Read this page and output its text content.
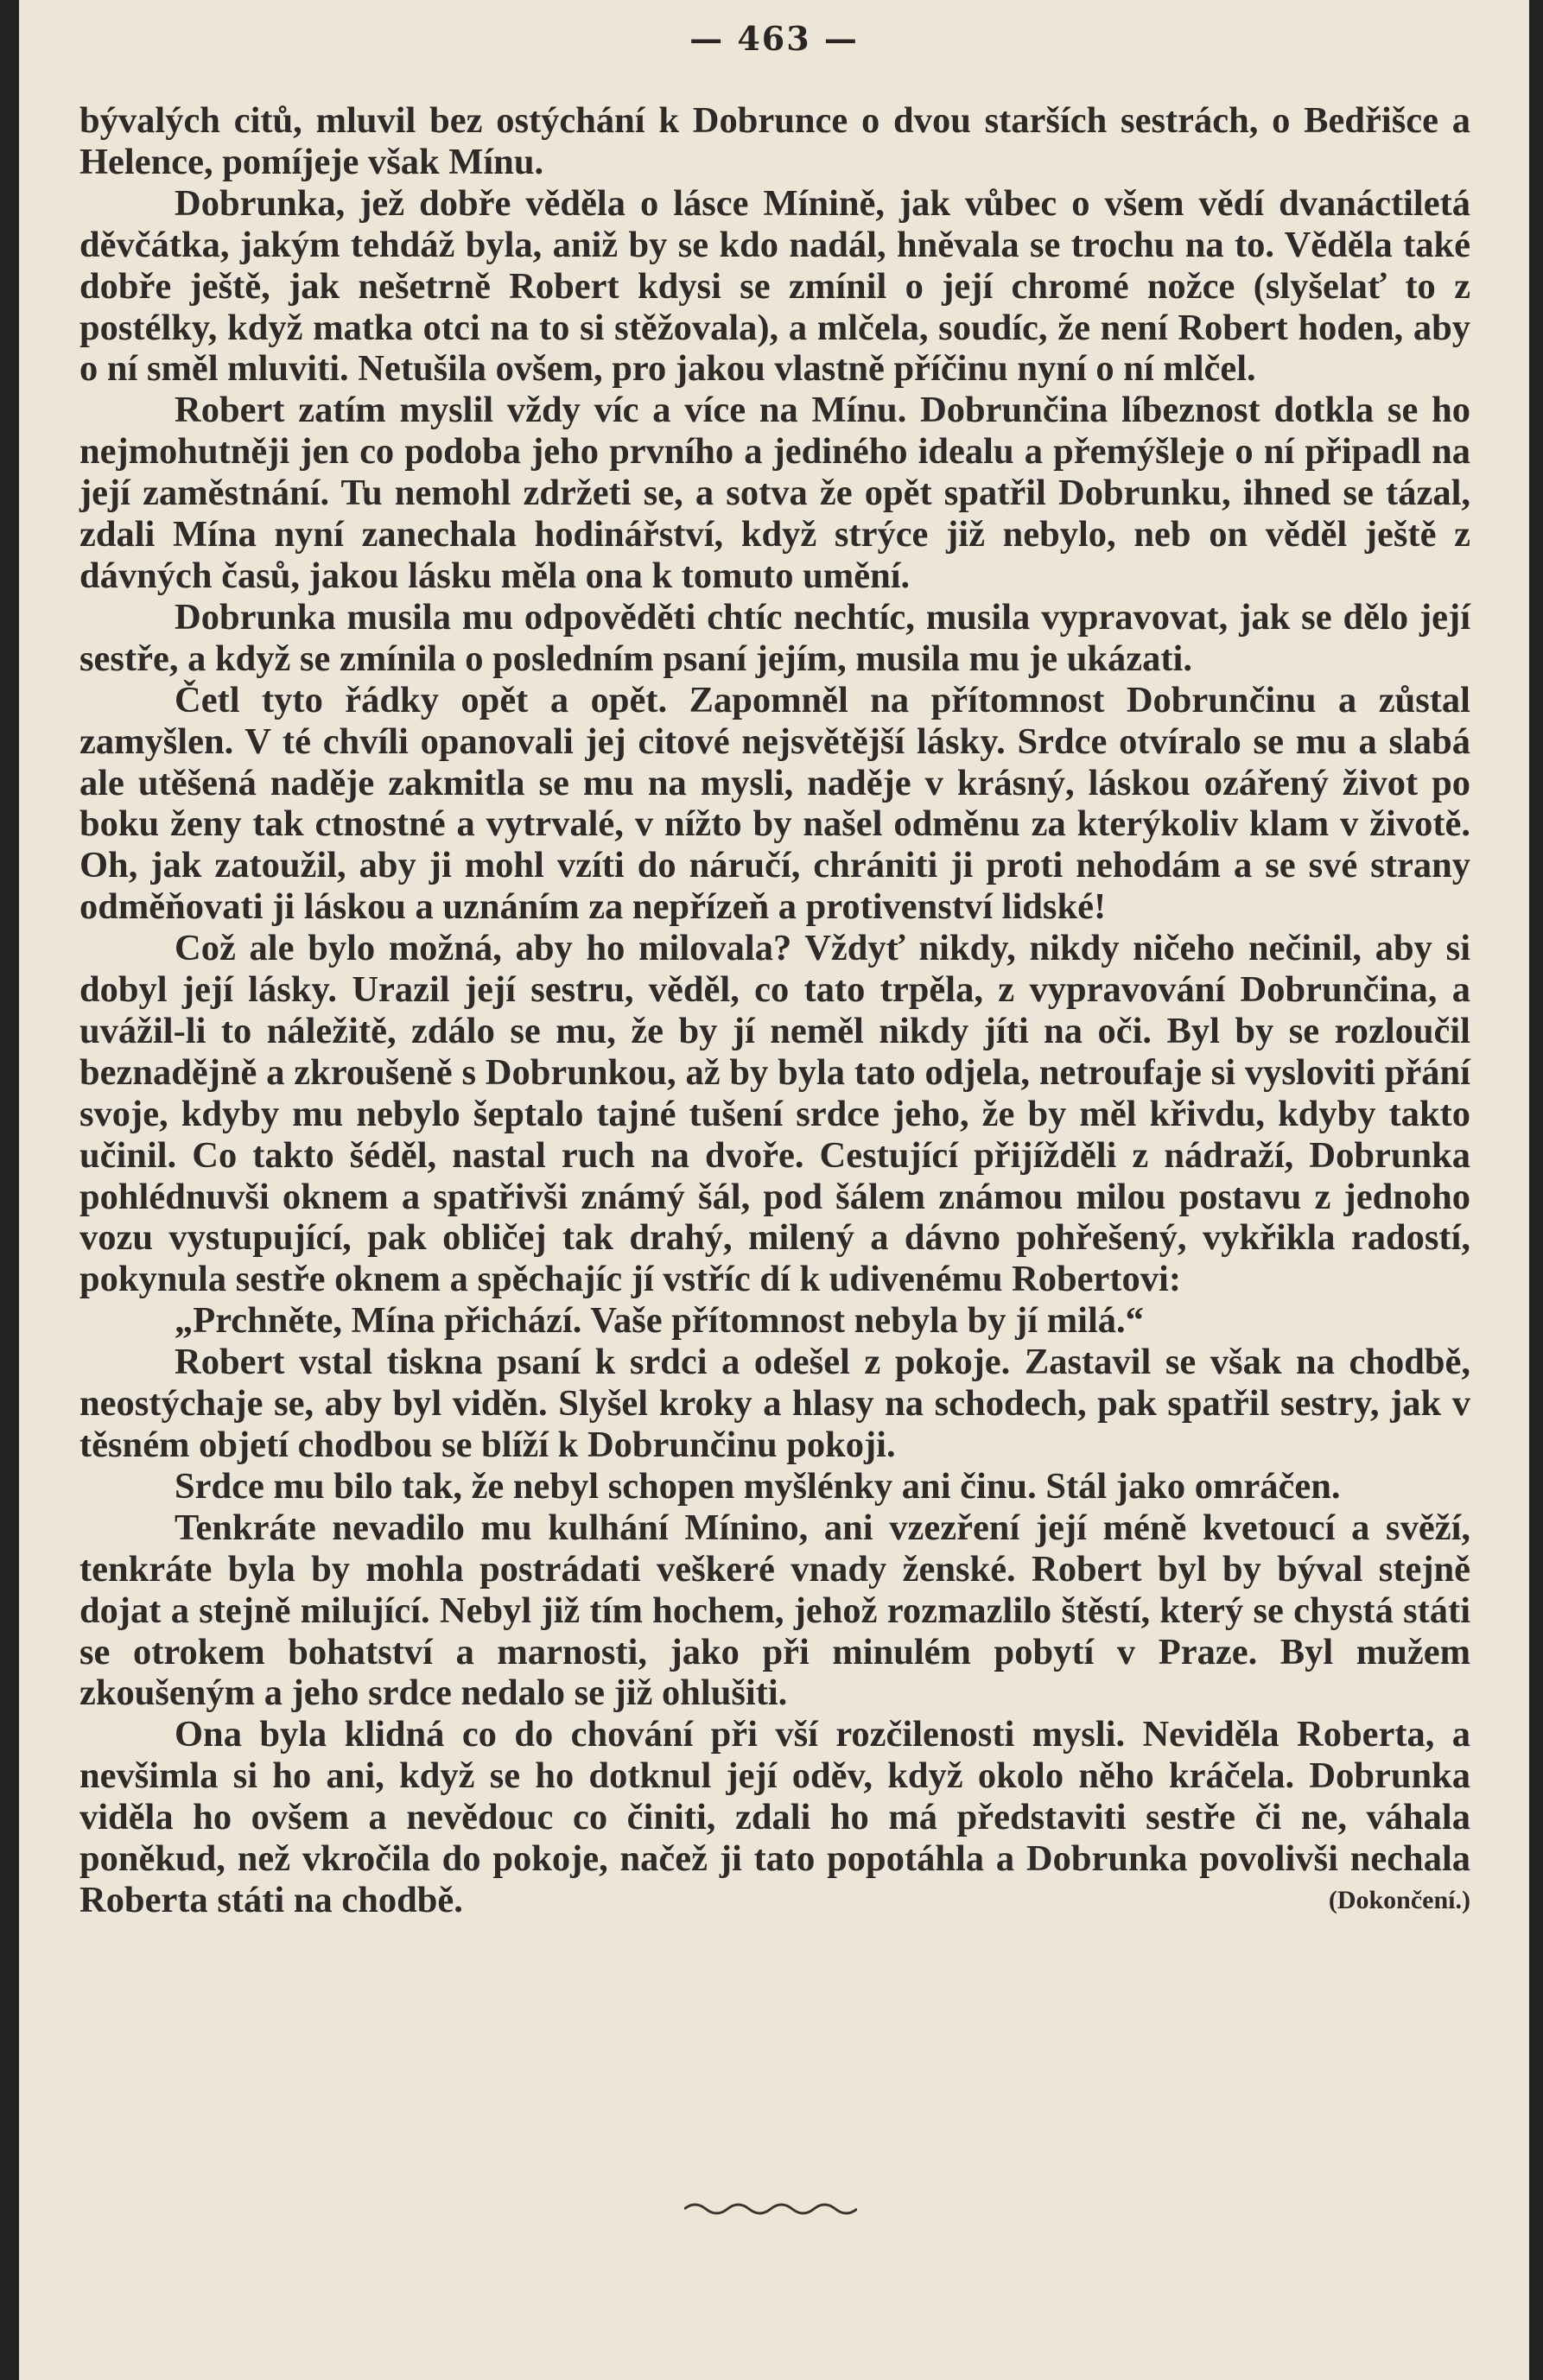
— 463 —

bývalých citů, mluvil bez ostýchání k Dobruncе o dvou starších sestrách, o Bedřišce a Helence, pomíjeje však Mínu.

Dobrunka, jež dobře věděla o lásce Mínině, jak vůbec o všem vědí dvanáctiletá děvčátka, jakým tehdáž byla, aniž by se kdo nadál, hněvala se trochu na to. Věděla také dobře ještě, jak nešetrně Robert kdysi se zmínil o její chromé nožce (slyšelať to z postélky, když matka otci na to si stěžovala), a mlčela, soudíc, že není Robert hoden, aby o ní směl mluviti. Netušila ovšem, pro jakou vlastně příčinu nyní o ní mlčel.

Robert zatím myslil vždy víc a více na Mínu. Dobrunčina líbeznost dotkla se ho nejmohutněji jen co podoba jeho prvního a jediného idealu a přemýšleje o ní připadl na její zaměstnání. Tu nemohl zdržeti se, a sotva že opět spatřil Dobrunku, ihned se tázal, zdali Mína nyní zanechala hodinářství, když strýce již nebylo, neb on věděl ještě z dávných časů, jakou lásku měla ona k tomuto umění.

Dobrunka musila mu odpověděti chtíc nechtíc, musila vypravovat, jak se dělo její sestře, a když se zmínila o posledním psaní jejím, musila mu je ukázati.

Četl tyto řádky opět a opět. Zapomněl na přítomnost Dobrunčinu a zůstal zamyšlen. V té chvíli opanovali jej citové nejsvětější lásky. Srdce otvíralo se mu a slabá ale utěšená naděje zakmitla se mu na mysli, naděje v krásný, láskou ozářený život po boku ženy tak ctnostné a vytrvalé, v nížto by našel odměnu za kterýkoliv klam v životě. Oh, jak zatoužil, aby ji mohl vzíti do náručí, chrániti ji proti nehodám a se své strany odměňovati ji láskou a uznáním za nepřízeň a protivenství lidské!

Což ale bylo možná, aby ho milovala? Vždyť nikdy, nikdy ničeho nečinil, aby si dobyl její lásky. Urazil její sestru, věděl, co tato trpěla, z vypravování Dobrunčina, a uvážil-li to náležitě, zdálo se mu, že by jí neměl nikdy jíti na oči. Byl by se rozloučil beznadějně a zkroušeně s Dobrunkou, až by byla tato odjela, netroufaje si vysloviti přání svoje, kdyby mu nebylo šeptalo tajné tušení srdce jeho, že by měl křivdu, kdyby takto učinil. Co takto šéděl, nastal ruch na dvoře. Cestující přijížděli z nádraží, Dobrunka pohlédnuvši oknem a spatřivši známý šál, pod šálem známou milou postavu z jednoho vozu vystupující, pak obličej tak drahý, milený a dávno pohřešený, vykřikla radostí, pokynula sestře oknem a spěchajíc jí vstříc dí k udivenému Robertovi:

„Prchněte, Mína přichází. Vaše přítomnost nebyla by jí milá.“

Robert vstal tiskna psaní k srdci a odešel z pokoje. Zastavil se však na chodbě, neostýchaje se, aby byl viděn. Slyšel kroky a hlasy na schodech, pak spatřil sestry, jak v těsném objetí chodbou se blíží k Dobrunčinu pokoji.

Srdce mu bilo tak, že nebyl schopen myšlénky ani činu. Stál jako omráčen.

Tenkráte nevadilo mu kulhání Mínino, ani vzezření její méně kvetoucí a svěží, tenkráte byla by mohla postrádati veškeré vnady ženské. Robert byl by býval stejně dojat a stejně milující. Nebyl již tím hochem, jehož rozmazlilo štěstí, který se chystá státi se otrokem bohatství a marnosti, jako při minulém pobytí v Praze. Byl mužem zkoušeným a jeho srdce nedalo se již ohlušiti.

Ona byla klidná co do chování při vší rozčilenosti mysli. Neviděla Roberta, a nevšimla si ho ani, když se ho dotknul její oděv, když okolo něho kráčela. Dobrunka viděla ho ovšem a nevědouc co činiti, zdali ho má představiti sestře či ne, váhala poněkud, než vkročila do pokoje, načež ji tato popotáhla a Dobrunka povolivši nechala Roberta státi na chodbě.	(Dokončení.)
